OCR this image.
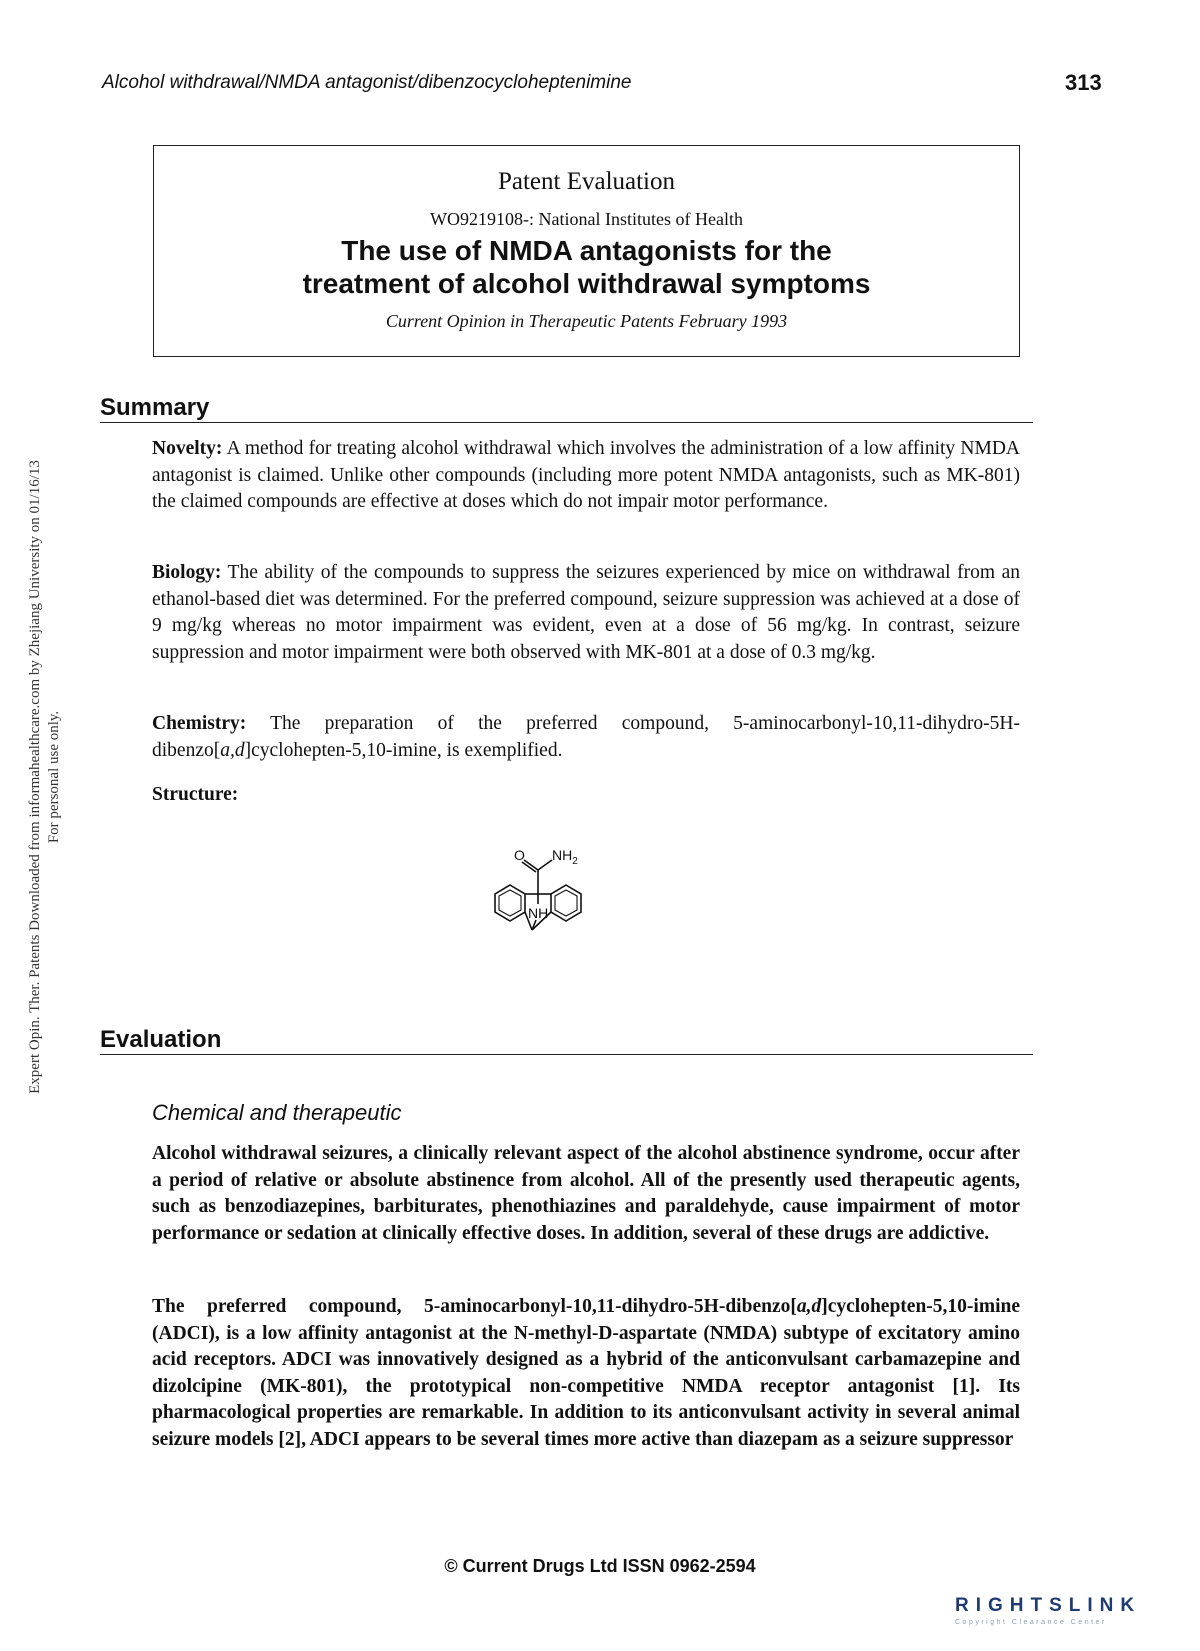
Alcohol withdrawal/NMDA antagonist/dibenzocycloheptenimine	313
Expert Opin. Ther. Patents Downloaded from informahealthcare.com by Zhejiang University on 01/16/13 For personal use only.
Patent Evaluation
WO9219108-: National Institutes of Health
The use of NMDA antagonists for the
treatment of alcohol withdrawal symptoms
Current Opinion in Therapeutic Patents February 1993
Summary
Novelty: A method for treating alcohol withdrawal which involves the administration of a low affinity NMDA antagonist is claimed. Unlike other compounds (including more potent NMDA antagonists, such as MK-801) the claimed compounds are effective at doses which do not impair motor performance.
Biology: The ability of the compounds to suppress the seizures experienced by mice on withdrawal from an ethanol-based diet was determined. For the preferred compound, seizure suppression was achieved at a dose of 9 mg/kg whereas no motor impairment was evident, even at a dose of 56 mg/kg. In contrast, seizure suppression and motor impairment were both observed with MK-801 at a dose of 0.3 mg/kg.
Chemistry: The preparation of the preferred compound, 5-aminocarbonyl-10,11-dihydro-5H-dibenzo[a,d]cyclohepten-5,10-imine, is exemplified.
Structure:
O $NH_2$
NH
Evaluation
Chemical and therapeutic
Alcohol withdrawal seizures, a clinically relevant aspect of the alcohol abstinence syndrome, occur after a period of relative or absolute abstinence from alcohol. All of the presently used therapeutic agents, such as benzodiazepines, barbiturates, phenothiazines and paraldehyde, cause impairment of motor performance or sedation at clinically effective doses. In addition, several of these drugs are addictive.
The preferred compound, 5-aminocarbonyl-10,11-dihydro-5H-dibenzo[a,d]cyclohepten-5,10-imine (ADCI), is a low affinity antagonist at the N-methyl-D-aspartate (NMDA) subtype of excitatory amino acid receptors. ADCI was innovatively designed as a hybrid of the anticonvulsant carbamazepine and dizolcipine (MK-801), the prototypical non-competitive NMDA receptor antagonist [1]. Its pharmacological properties are remarkable. In addition to its anticonvulsant activity in several animal seizure models [2], ADCI appears to be several times more active than diazepam as a seizure suppressor
© Current Drugs Ltd ISSN 0962-2594
RIGHTSLINK
Copyright Clearance Center
